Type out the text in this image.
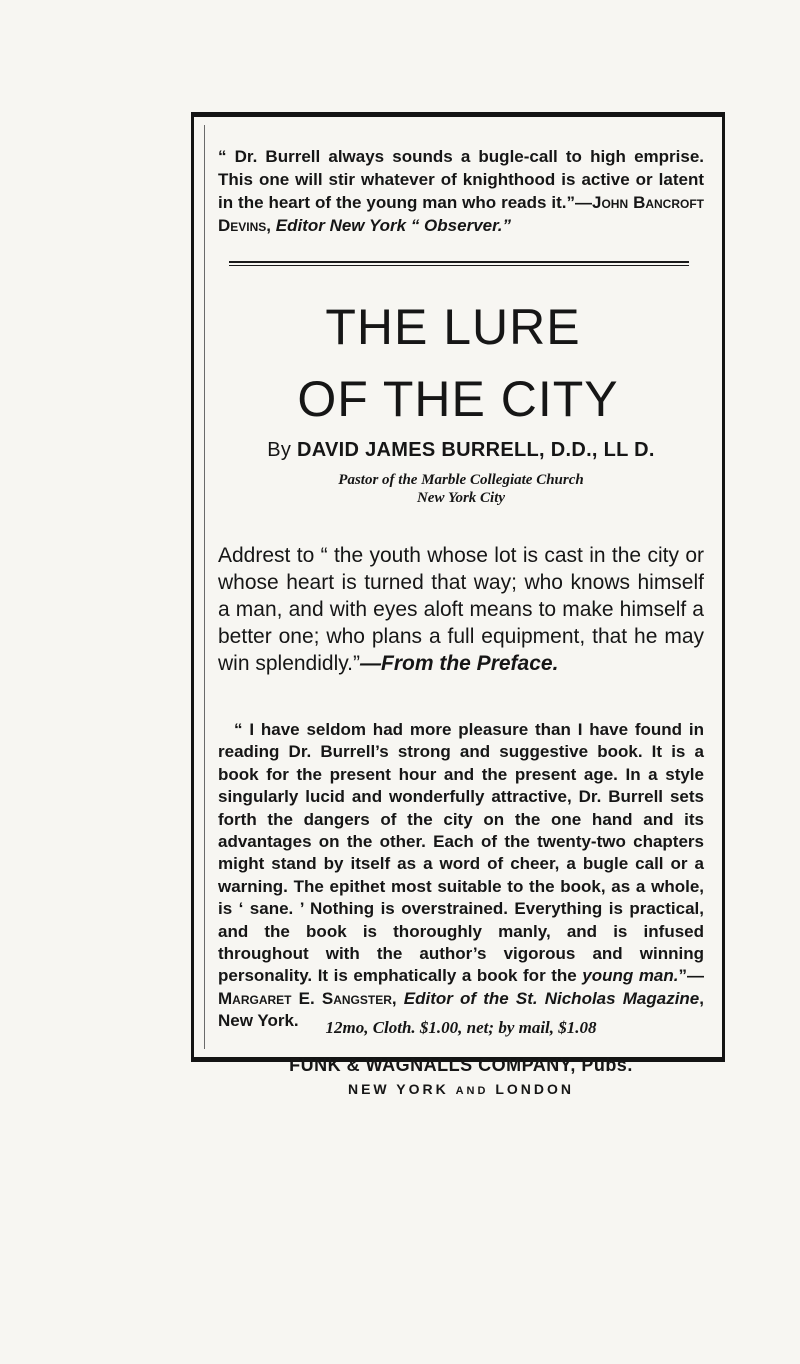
“ Dr. Burrell always sounds a bugle-call to high emprise. This one will stir whatever of knighthood is active or latent in the heart of the young man who reads it.”—John Bancroft Devins, Editor New York “ Observer.”
THE LURE
OF THE CITY
By DAVID JAMES BURRELL, D.D., LL D.
Pastor of the Marble Collegiate Church
New York City
Addrest to “ the youth whose lot is cast in the city or whose heart is turned that way; who knows himself a man, and with eyes aloft means to make himself a better one; who plans a full equipment, that he may win splendidly.”—From the Preface.
“ I have seldom had more pleasure than I have found in reading Dr. Burrell’s strong and suggestive book. It is a book for the present hour and the present age. In a style singularly lucid and wonderfully attractive, Dr. Burrell sets forth the dangers of the city on the one hand and its advantages on the other. Each of the twenty-two chapters might stand by itself as a word of cheer, a bugle call or a warning. The epithet most suitable to the book, as a whole, is ‘ sane. ’ Nothing is overstrained. Everything is practical, and the book is thoroughly manly, and is infused throughout with the author’s vigorous and winning personality. It is emphatically a book for the young man.”—Margaret E. Sangster, Editor of the St. Nicholas Magazine, New York.	12mo, Cloth. $1.00, net; by mail, $1.08
FUNK & WAGNALLS COMPANY, Pubs.
NEW YORK AND LONDON
